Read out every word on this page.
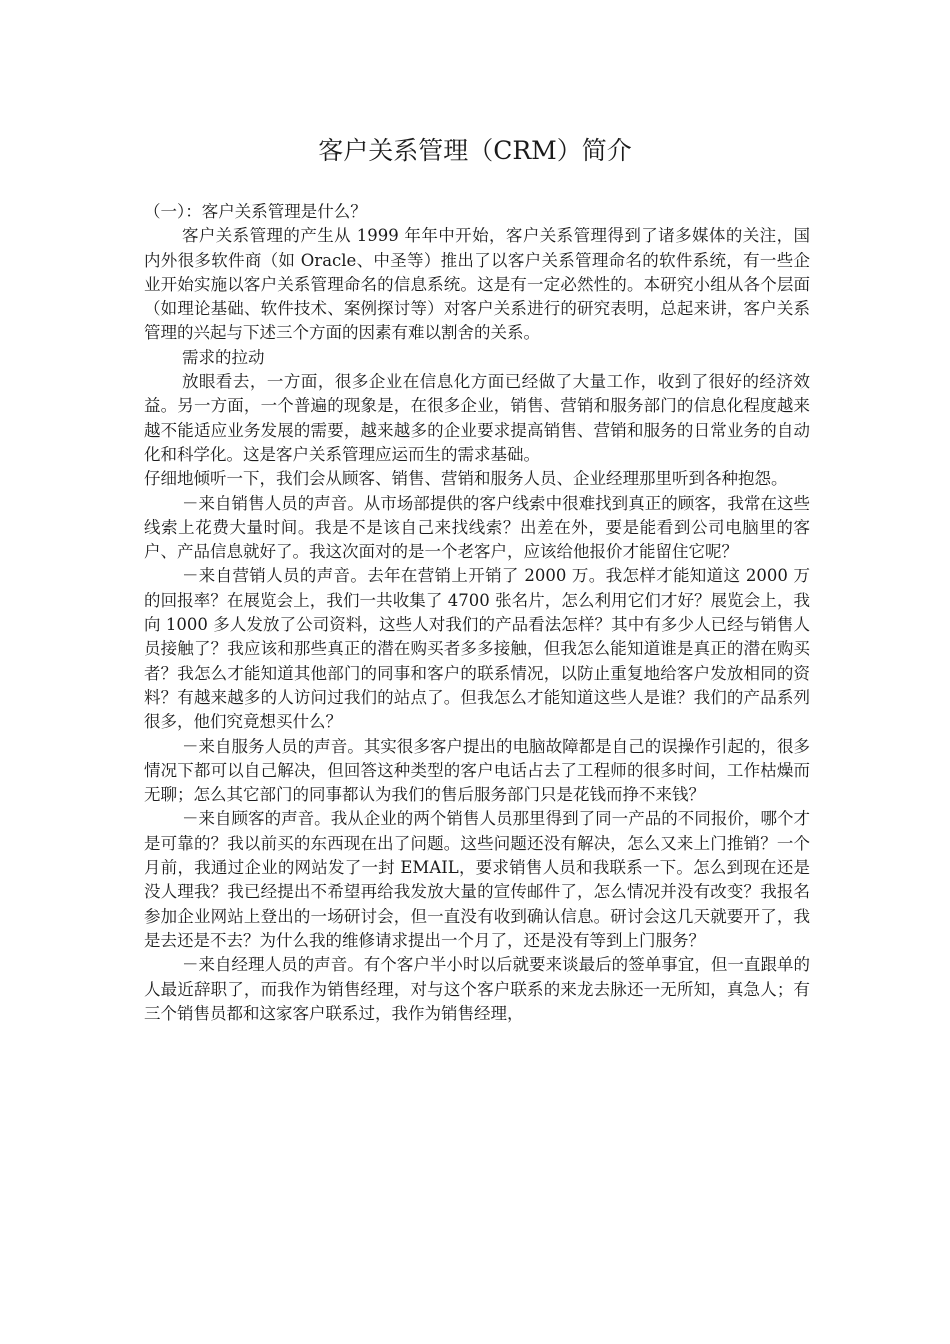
客户关系管理（CRM）简介

（一）：客户关系管理是什么？

客户关系管理的产生从 1999 年年中开始，客户关系管理得到了诸多媒体的关注，国内外很多软件商（如 Oracle、中圣等）推出了以客户关系管理命名的软件系统，有一些企业开始实施以客户关系管理命名的信息系统。这是有一定必然性的。本研究小组从各个层面（如理论基础、软件技术、案例探讨等）对客户关系进行的研究表明，总起来讲，客户关系管理的兴起与下述三个方面的因素有难以割舍的关系。

需求的拉动

放眼看去，一方面，很多企业在信息化方面已经做了大量工作，收到了很好的经济效益。另一方面，一个普遍的现象是，在很多企业，销售、营销和服务部门的信息化程度越来越不能适应业务发展的需要，越来越多的企业要求提高销售、营销和服务的日常业务的自动化和科学化。这是客户关系管理应运而生的需求基础。

仔细地倾听一下，我们会从顾客、销售、营销和服务人员、企业经理那里听到各种抱怨。

－来自销售人员的声音。从市场部提供的客户线索中很难找到真正的顾客，我常在这些线索上花费大量时间。我是不是该自己来找线索？出差在外，要是能看到公司电脑里的客户、产品信息就好了。我这次面对的是一个老客户，应该给他报价才能留住它呢？

－来自营销人员的声音。去年在营销上开销了 2000 万。我怎样才能知道这 2000 万的回报率？在展览会上，我们一共收集了 4700 张名片，怎么利用它们才好？展览会上，我向 1000 多人发放了公司资料，这些人对我们的产品看法怎样？其中有多少人已经与销售人员接触了？我应该和那些真正的潜在购买者多多接触，但我怎么能知道谁是真正的潜在购买者？我怎么才能知道其他部门的同事和客户的联系情况，以防止重复地给客户发放相同的资料？有越来越多的人访问过我们的站点了。但我怎么才能知道这些人是谁？我们的产品系列很多，他们究竟想买什么？

－来自服务人员的声音。其实很多客户提出的电脑故障都是自己的误操作引起的，很多情况下都可以自己解决，但回答这种类型的客户电话占去了工程师的很多时间，工作枯燥而无聊；怎么其它部门的同事都认为我们的售后服务部门只是花钱而挣不来钱？

－来自顾客的声音。我从企业的两个销售人员那里得到了同一产品的不同报价，哪个才是可靠的？我以前买的东西现在出了问题。这些问题还没有解决，怎么又来上门推销？一个月前，我通过企业的网站发了一封 EMAIL，要求销售人员和我联系一下。怎么到现在还是没人理我？我已经提出不希望再给我发放大量的宣传邮件了，怎么情况并没有改变？我报名参加企业网站上登出的一场研讨会，但一直没有收到确认信息。研讨会这几天就要开了，我是去还是不去？为什么我的维修请求提出一个月了，还是没有等到上门服务？

－来自经理人员的声音。有个客户半小时以后就要来谈最后的签单事宜，但一直跟单的人最近辞职了，而我作为销售经理，对与这个客户联系的来龙去脉还一无所知，真急人；有三个销售员都和这家客户联系过，我作为销售经理，
